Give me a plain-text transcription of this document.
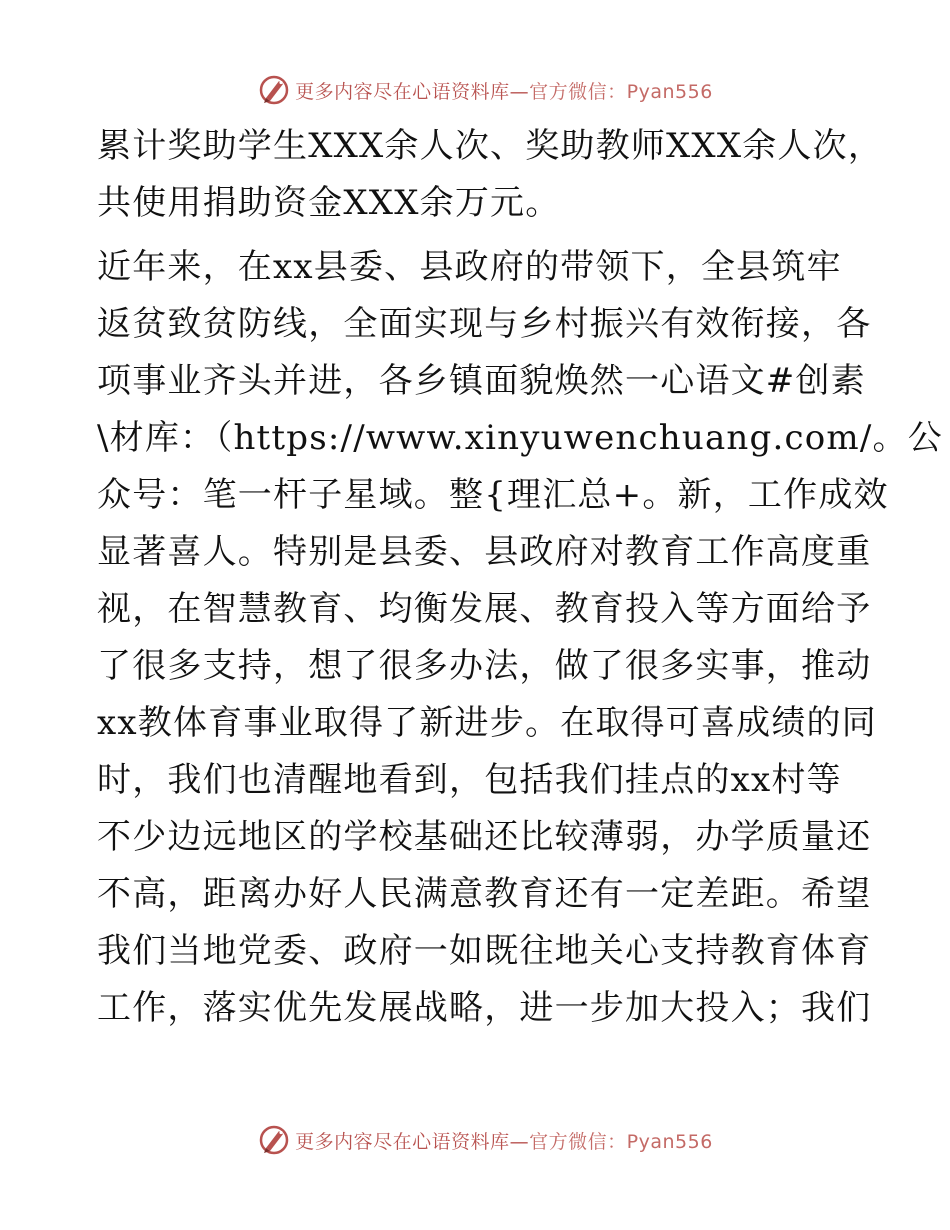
更多内容尽在心语资料库—官方微信：Pyan556

累计奖助学生XXX余人次、奖助教师XXX余人次，
共使用捐助资金XXX余万元。

近年来，在xx县委、县政府的带领下，全县筑牢
返贫致贫防线，全面实现与乡村振兴有效衔接，各
项事业齐头并进，各乡镇面貌焕然一心语文#创素
\材库：（https://www.xinyuwenchuang.com/。公
众号：笔一杆子星域。整{理汇总+。新，工作成效
显著喜人。特别是县委、县政府对教育工作高度重
视，在智慧教育、均衡发展、教育投入等方面给予
了很多支持，想了很多办法，做了很多实事，推动
xx教体育事业取得了新进步。在取得可喜成绩的同
时，我们也清醒地看到，包括我们挂点的xx村等
不少边远地区的学校基础还比较薄弱，办学质量还
不高，距离办好人民满意教育还有一定差距。希望
我们当地党委、政府一如既往地关心支持教育体育
工作，落实优先发展战略，进一步加大投入；我们

更多内容尽在心语资料库—官方微信：Pyan556
